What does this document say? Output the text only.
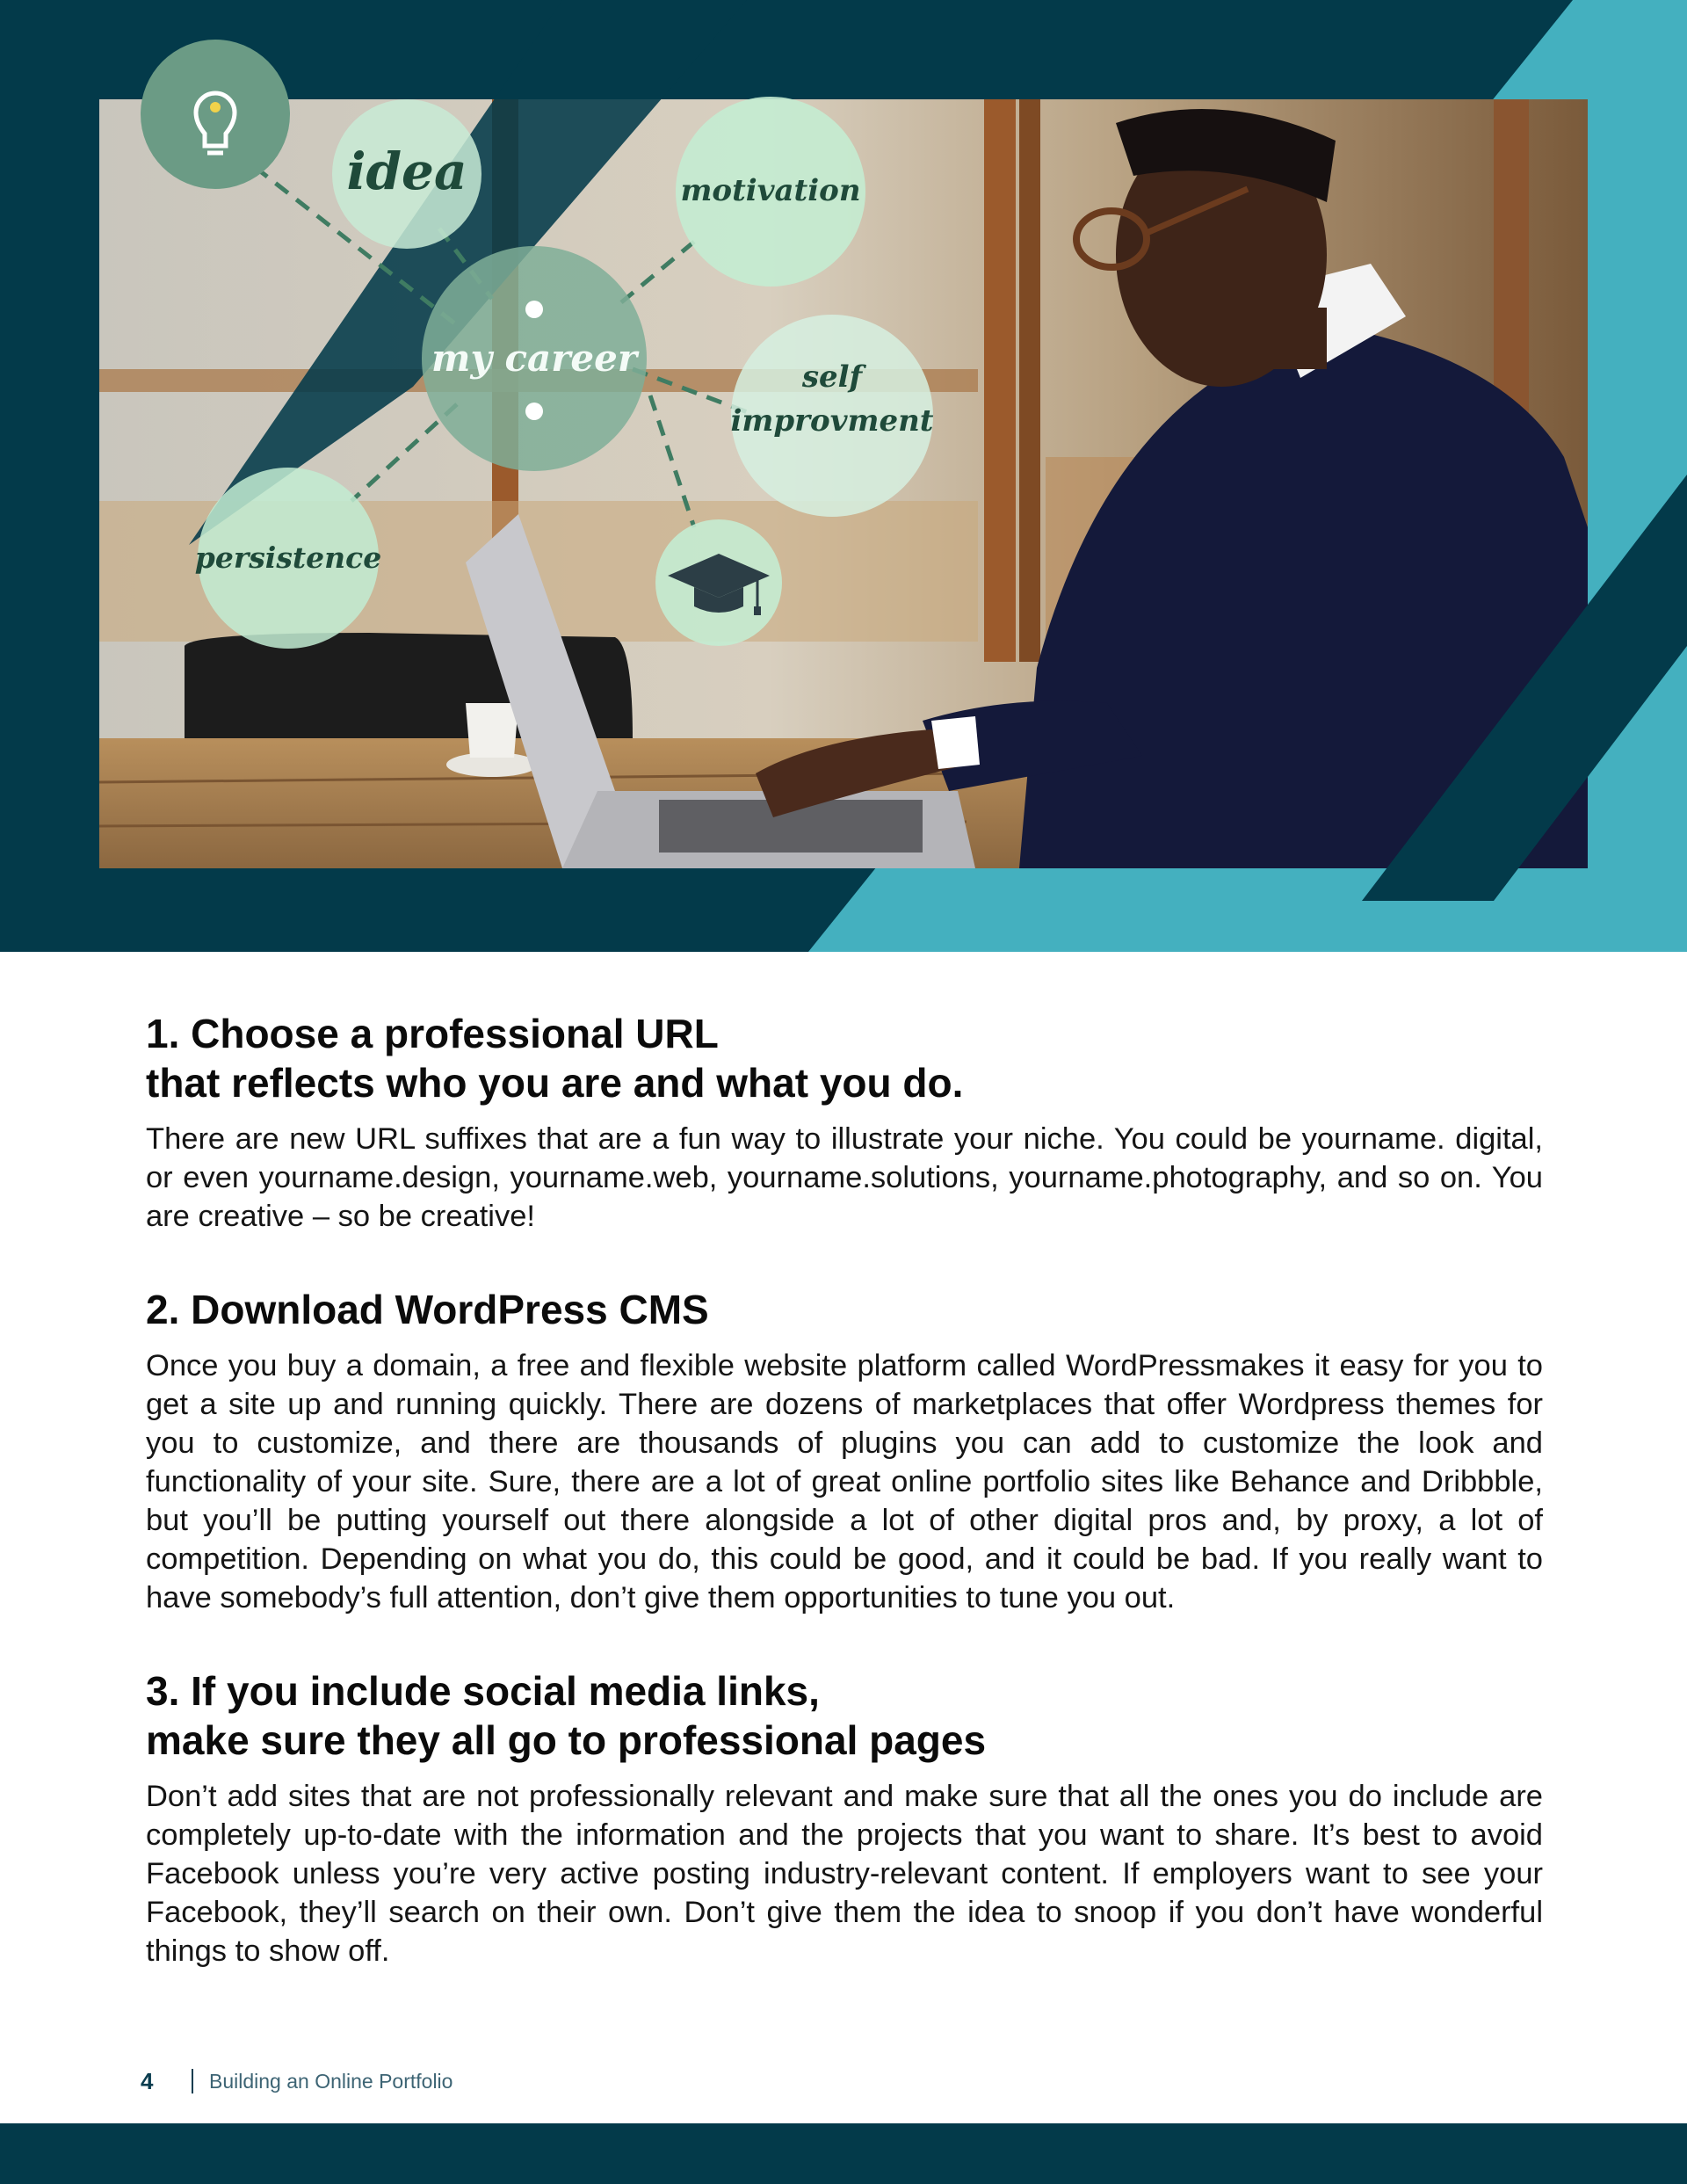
idea	motivation
my career	self
improvment
persistence
1. Choose a professional URL
that reflects who you are and what you do.

There are new URL suffixes that are a fun way to illustrate your niche. You could be yourname. digital, or even yourname.design, yourname.web, yourname.solutions, yourname.photography, and so on. You are creative – so be creative!

2. Download WordPress CMS

Once you buy a domain, a free and flexible website platform called WordPressmakes it easy for you to get a site up and running quickly. There are dozens of marketplaces that offer Wordpress themes for you to customize, and there are thousands of plugins you can add to customize the look and functionality of your site. Sure, there are a lot of great online portfolio sites like Behance and Dribbble, but you’ll be putting yourself out there alongside a lot of other digital pros and, by proxy, a lot of competition. Depending on what you do, this could be good, and it could be bad. If you really want to have somebody’s full attention, don’t give them opportunities to tune you out.

3. If you include social media links,
make sure they all go to professional pages

Don’t add sites that are not professionally relevant and make sure that all the ones you do include are completely up-to-date with the information and the projects that you want to share. It’s best to avoid Facebook unless you’re very active posting industry-relevant content. If employers want to see your Facebook, they’ll search on their own. Don’t give them the idea to snoop if you don’t have wonderful things to show off.

4	Building an Online Portfolio
